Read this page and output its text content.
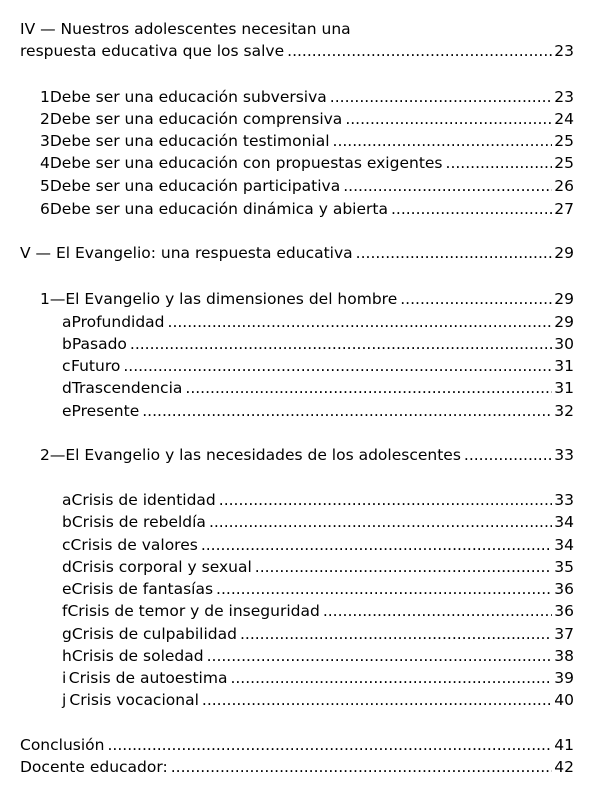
IV — Nuestros adolescentes necesitan una
respuesta educativa que los salve .....	23
1 Debe ser una educación subversiva .....	23
2 Debe ser una educación comprensiva .....	24
3 Debe ser una educación testimonial .....	25
4 Debe ser una educación con propuestas exigentes .....	25
5 Debe ser una educación participativa .....	26
6 Debe ser una educación dinámica y abierta .....	27
V — El Evangelio: una respuesta educativa .....	29
1—El Evangelio y las dimensiones del hombre .....	29
a Profundidad .....	29
b Pasado .....	30
c Futuro .....	31
d Trascendencia .....	31
e Presente .....	32
2—El Evangelio y las necesidades de los adolescentes .....	33
a Crisis de identidad .....	33
b Crisis de rebeldía .....	34
c Crisis de valores .....	34
d Crisis corporal y sexual .....	35
e Crisis de fantasías .....	36
f Crisis de temor y de inseguridad .....	36
g Crisis de culpabilidad .....	37
h Crisis de soledad .....	38
i Crisis de autoestima .....	39
j Crisis vocacional .....	40
Conclusión .....	41
Docente educador: .....	42
